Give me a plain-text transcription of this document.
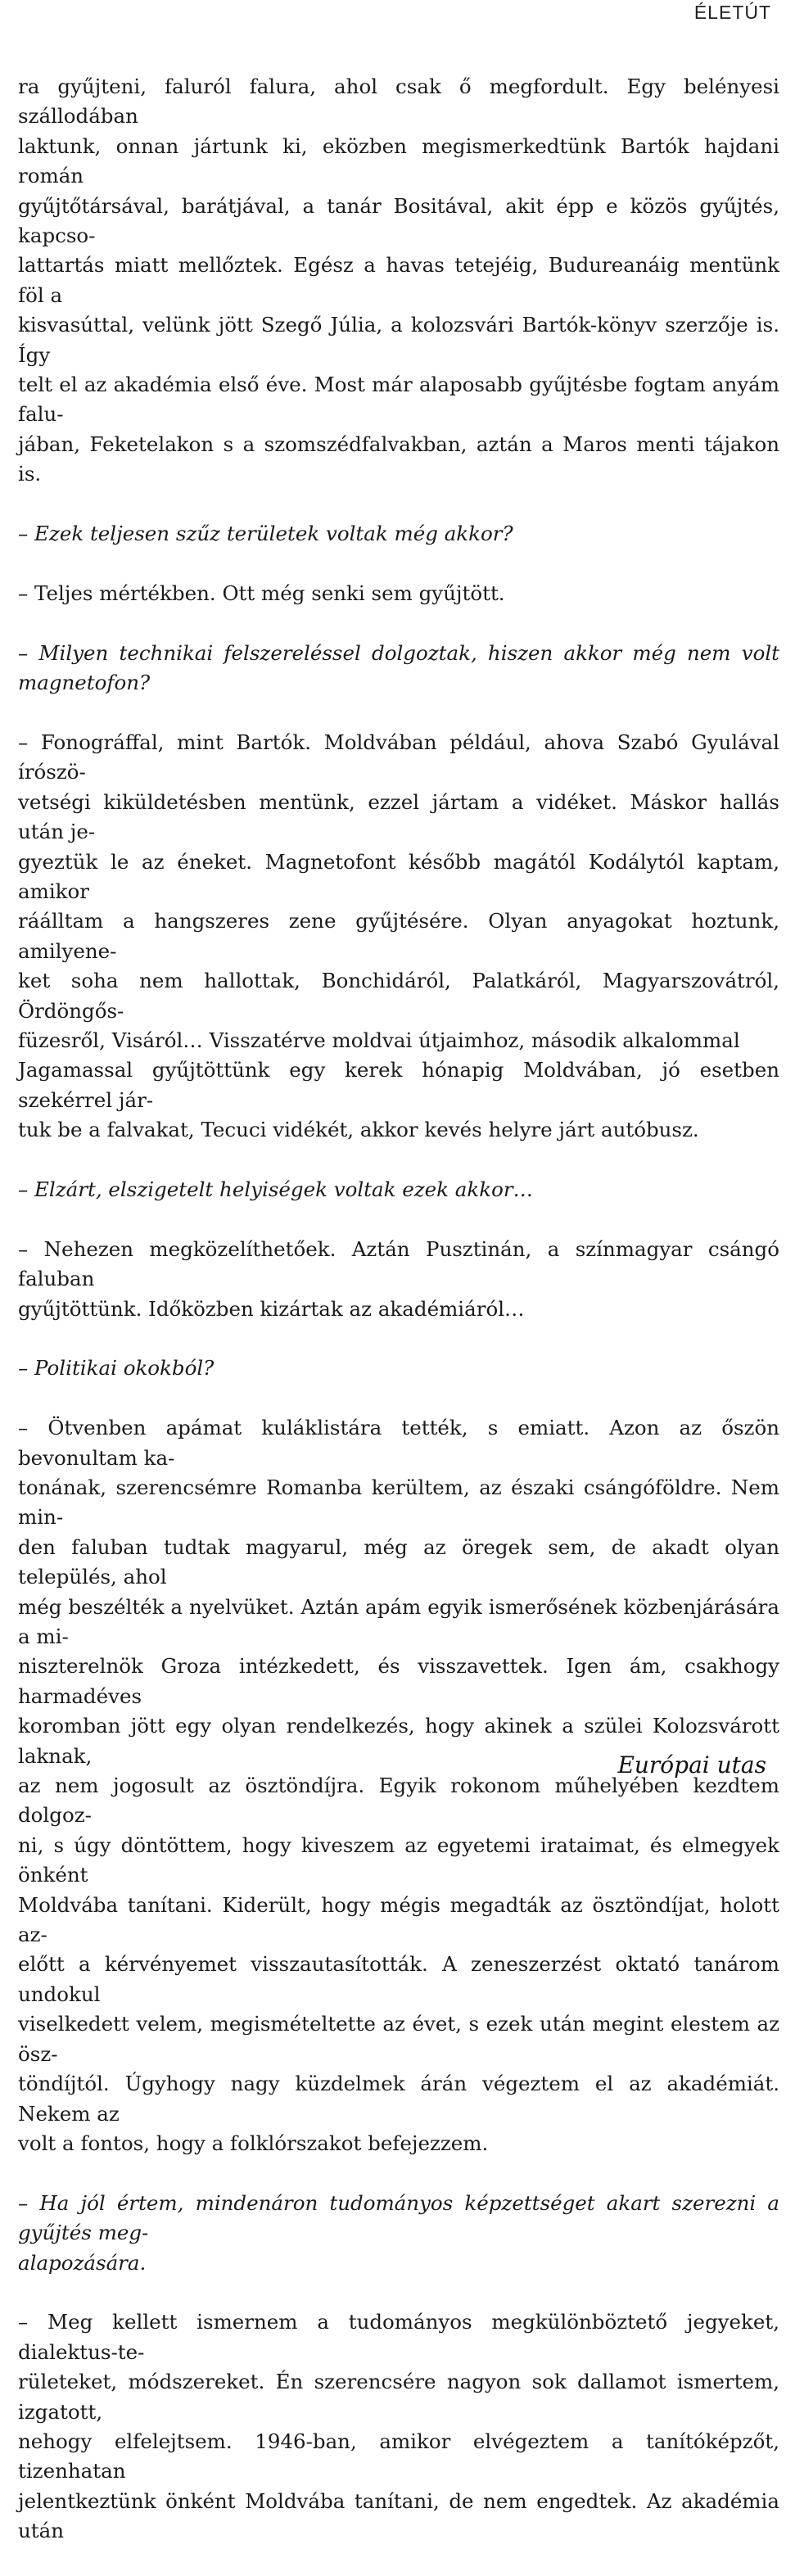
ÉLETÚT

ra gyűjteni, faluról falura, ahol csak ő megfordult. Egy belényesi szállodában
laktunk, onnan jártunk ki, eközben megismerkedtünk Bartók hajdani román
gyűjtőtársával, barátjával, a tanár Bositával, akit épp e közös gyűjtés, kapcso-
lattartás miatt mellőztek. Egész a havas tetejéig, Budureanáig mentünk föl a
kisvasúttal, velünk jött Szegő Júlia, a kolozsvári Bartók-könyv szerzője is. Így
telt el az akadémia első éve. Most már alaposabb gyűjtésbe fogtam anyám falu-
jában, Feketelakon s a szomszédfalvakban, aztán a Maros menti tájakon is.

– Ezek teljesen szűz területek voltak még akkor?

– Teljes mértékben. Ott még senki sem gyűjtött.

– Milyen technikai felszereléssel dolgoztak, hiszen akkor még nem volt magnetofon?

– Fonográffal, mint Bartók. Moldvában például, ahova Szabó Gyulával írószö-
vetségi kiküldetésben mentünk, ezzel jártam a vidéket. Máskor hallás után je-
gyeztük le az éneket. Magnetofont később magától Kodálytól kaptam, amikor
ráálltam a hangszeres zene gyűjtésére. Olyan anyagokat hoztunk, amilyene-
ket soha nem hallottak, Bonchidáról, Palatkáról, Magyarszovátról, Ördöngős-
füzesről, Visáról… Visszatérve moldvai útjaimhoz, második alkalommal
Jagamassal gyűjtöttünk egy kerek hónapig Moldvában, jó esetben szekérrel jár-
tuk be a falvakat, Tecuci vidékét, akkor kevés helyre járt autóbusz.

– Elzárt, elszigetelt helyiségek voltak ezek akkor…

– Nehezen megközelíthetőek. Aztán Pusztinán, a színmagyar csángó faluban
gyűjtöttünk. Időközben kizártak az akadémiáról…

– Politikai okokból?

– Ötvenben apámat kuláklistára tették, s emiatt. Azon az őszön bevonultam ka-
tonának, szerencsémre Romanba kerültem, az északi csángóföldre. Nem min-
den faluban tudtak magyarul, még az öregek sem, de akadt olyan település, ahol
még beszélték a nyelvüket. Aztán apám egyik ismerősének közbenjárására a mi-
niszterelnök Groza intézkedett, és visszavettek. Igen ám, csakhogy harmadéves
koromban jött egy olyan rendelkezés, hogy akinek a szülei Kolozsvárott laknak,
az nem jogosult az ösztöndíjra. Egyik rokonom műhelyében kezdtem dolgoz-
ni, s úgy döntöttem, hogy kiveszem az egyetemi irataimat, és elmegyek önként
Moldvába tanítani. Kiderült, hogy mégis megadták az ösztöndíjat, holott az-
előtt a kérvényemet visszautasították. A zeneszerzést oktató tanárom undokul
viselkedett velem, megismételtette az évet, s ezek után megint elestem az ösz-
töndíjtól. Úgyhogy nagy küzdelmek árán végeztem el az akadémiát. Nekem az
volt a fontos, hogy a folklórszakot befejezzem.

– Ha jól értem, mindenáron tudományos képzettséget akart szerezni a gyűjtés meg-
alapozására.

– Meg kellett ismernem a tudományos megkülönböztető jegyeket, dialektus-te-
rületeket, módszereket. Én szerencsére nagyon sok dallamot ismertem, izgatott,
nehogy elfelejtsem. 1946-ban, amikor elvégeztem a tanítóképzőt, tizenhatan
jelentkeztünk önként Moldvába tanítani, de nem engedtek. Az akadémia után

Európai utas
